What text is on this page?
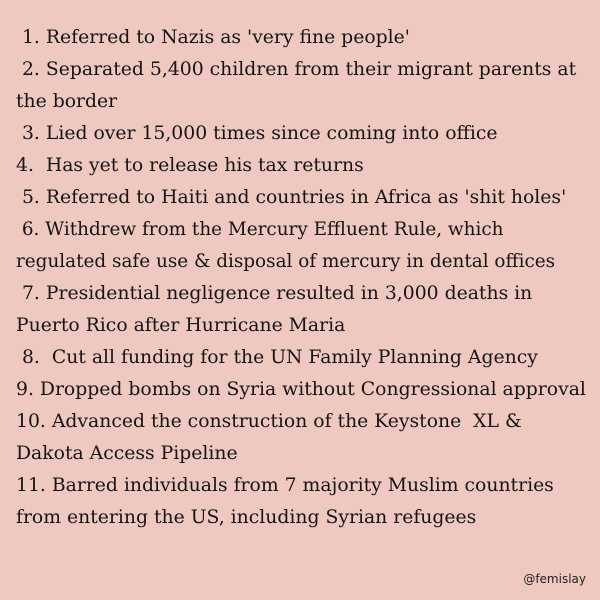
1. Referred to Nazis as 'very fine people'
2. Separated 5,400 children from their migrant parents at the border
3. Lied over 15,000 times since coming into office
4.  Has yet to release his tax returns
5. Referred to Haiti and countries in Africa as 'shit holes'
6. Withdrew from the Mercury Effluent Rule, which regulated safe use & disposal of mercury in dental offices
7. Presidential negligence resulted in 3,000 deaths in Puerto Rico after Hurricane Maria
8.  Cut all funding for the UN Family Planning Agency
9. Dropped bombs on Syria without Congressional approval
10. Advanced the construction of the Keystone  XL & Dakota Access Pipeline
11. Barred individuals from 7 majority Muslim countries from entering the US, including Syrian refugees
@femislay
